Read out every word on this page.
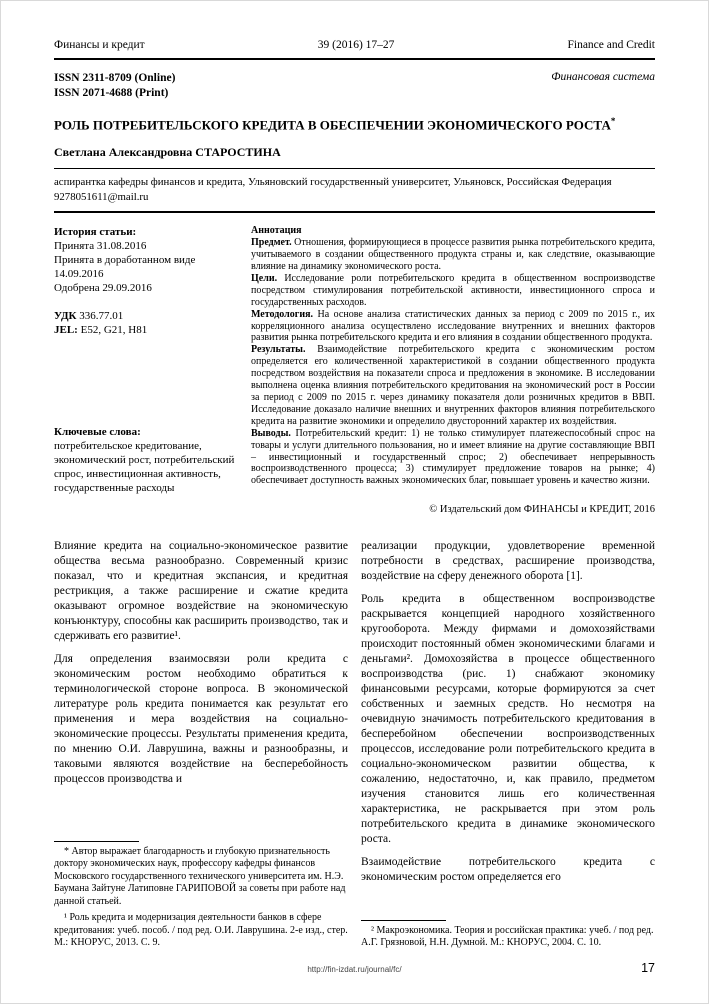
Финансы и кредит	39 (2016) 17–27	Finance and Credit

ISSN 2311-8709 (Online)

ISSN 2071-4688 (Print)

Финансовая система

РОЛЬ ПОТРЕБИТЕЛЬСКОГО КРЕДИТА В ОБЕСПЕЧЕНИИ ЭКОНОМИЧЕСКОГО РОСТА*

Светлана Александровна СТАРОСТИНА

аспирантка кафедры финансов и кредита, Ульяновский государственный университет, Ульяновск, Российская Федерация

9278051611@mail.ru

История статьи:

Принята 31.08.2016

Принята в доработанном виде 14.09.2016

Одобрена 29.09.2016

УДК 336.77.01

JEL: E52, G21, H81

Ключевые слова:

потребительское кредитование, экономический рост, потребительский спрос, инвестиционная активность, государственные расходы

Аннотация

Предмет. Отношения, формирующиеся в процессе развития рынка потребительского кредита, учитываемого в создании общественного продукта страны и, как следствие, оказывающие влияние на динамику экономического роста.

Цели. Исследование роли потребительского кредита в общественном воспроизводстве посредством стимулирования потребительской активности, инвестиционного спроса и государственных расходов.

Методология. На основе анализа статистических данных за период с 2009 по 2015 г., их корреляционного анализа осуществлено исследование внутренних и внешних факторов развития рынка потребительского кредита и его влияния в создании общественного продукта.

Результаты. Взаимодействие потребительского кредита с экономическим ростом определяется его количественной характеристикой в создании общественного продукта посредством воздействия на показатели спроса и предложения в экономике. В исследовании выполнена оценка влияния потребительского кредитования на экономический рост в России за период с 2009 по 2015 г. через динамику показателя доли розничных кредитов в ВВП. Исследование доказало наличие внешних и внутренних факторов влияния потребительского кредита на развитие экономики и определило двусторонний характер их воздействия.

Выводы. Потребительский кредит: 1) не только стимулирует платежеспособный спрос на товары и услуги длительного пользования, но и имеет влияние на другие составляющие ВВП – инвестиционный и государственный спрос; 2) обеспечивает непрерывность воспроизводственного процесса; 3) стимулирует предложение товаров на рынке; 4) обеспечивает доступность важных экономических благ, повышает уровень и качество жизни.

© Издательский дом ФИНАНСЫ и КРЕДИТ, 2016

Влияние кредита на социально-экономическое развитие общества весьма разнообразно. Современный кризис показал, что и кредитная экспансия, и кредитная рестрикция, а также расширение и сжатие кредита оказывают огромное воздействие на экономическую конъюнктуру, способны как расширить производство, так и сдерживать его развитие¹.

Для определения взаимосвязи роли кредита с экономическим ростом необходимо обратиться к терминологической стороне вопроса. В экономической литературе роль кредита понимается как результат его применения и мера воздействия на социально-экономические процессы. Результаты применения кредита, по мнению О.И. Лаврушина, важны и разнообразны, и таковыми являются воздействие на бесперебойность процессов производства и

* Автор выражает благодарность и глубокую признательность доктору экономических наук, профессору кафедры финансов Московского государственного технического университета им. Н.Э. Баумана Зайтуне Латиповне ГАРИПОВОЙ за советы при работе над данной статьей.

¹ Роль кредита и модернизация деятельности банков в сфере кредитования: учеб. пособ. / под ред. О.И. Лаврушина. 2-е изд., стер. М.: КНОРУС, 2013. С. 9.

реализации продукции, удовлетворение временной потребности в средствах, расширение производства, воздействие на сферу денежного оборота [1].

Роль кредита в общественном воспроизводстве раскрывается концепцией народного хозяйственного кругооборота. Между фирмами и домохозяйствами происходит постоянный обмен экономическими благами и деньгами². Домохозяйства в процессе общественного воспроизводства (рис. 1) снабжают экономику финансовыми ресурсами, которые формируются за счет собственных и заемных средств. Но несмотря на очевидную значимость потребительского кредитования в бесперебойном обеспечении воспроизводственных процессов, исследование роли потребительского кредита в социально-экономическом развитии общества, к сожалению, недостаточно, и, как правило, предметом изучения становится лишь его количественная характеристика, не раскрывается при этом роль потребительского кредита в динамике экономического роста.

Взаимодействие потребительского кредита с экономическим ростом определяется его

² Макроэкономика. Теория и российская практика: учеб. / под ред. А.Г. Грязновой, Н.Н. Думной. М.: КНОРУС, 2004. С. 10.

http://fin-izdat.ru/journal/fc/	17
